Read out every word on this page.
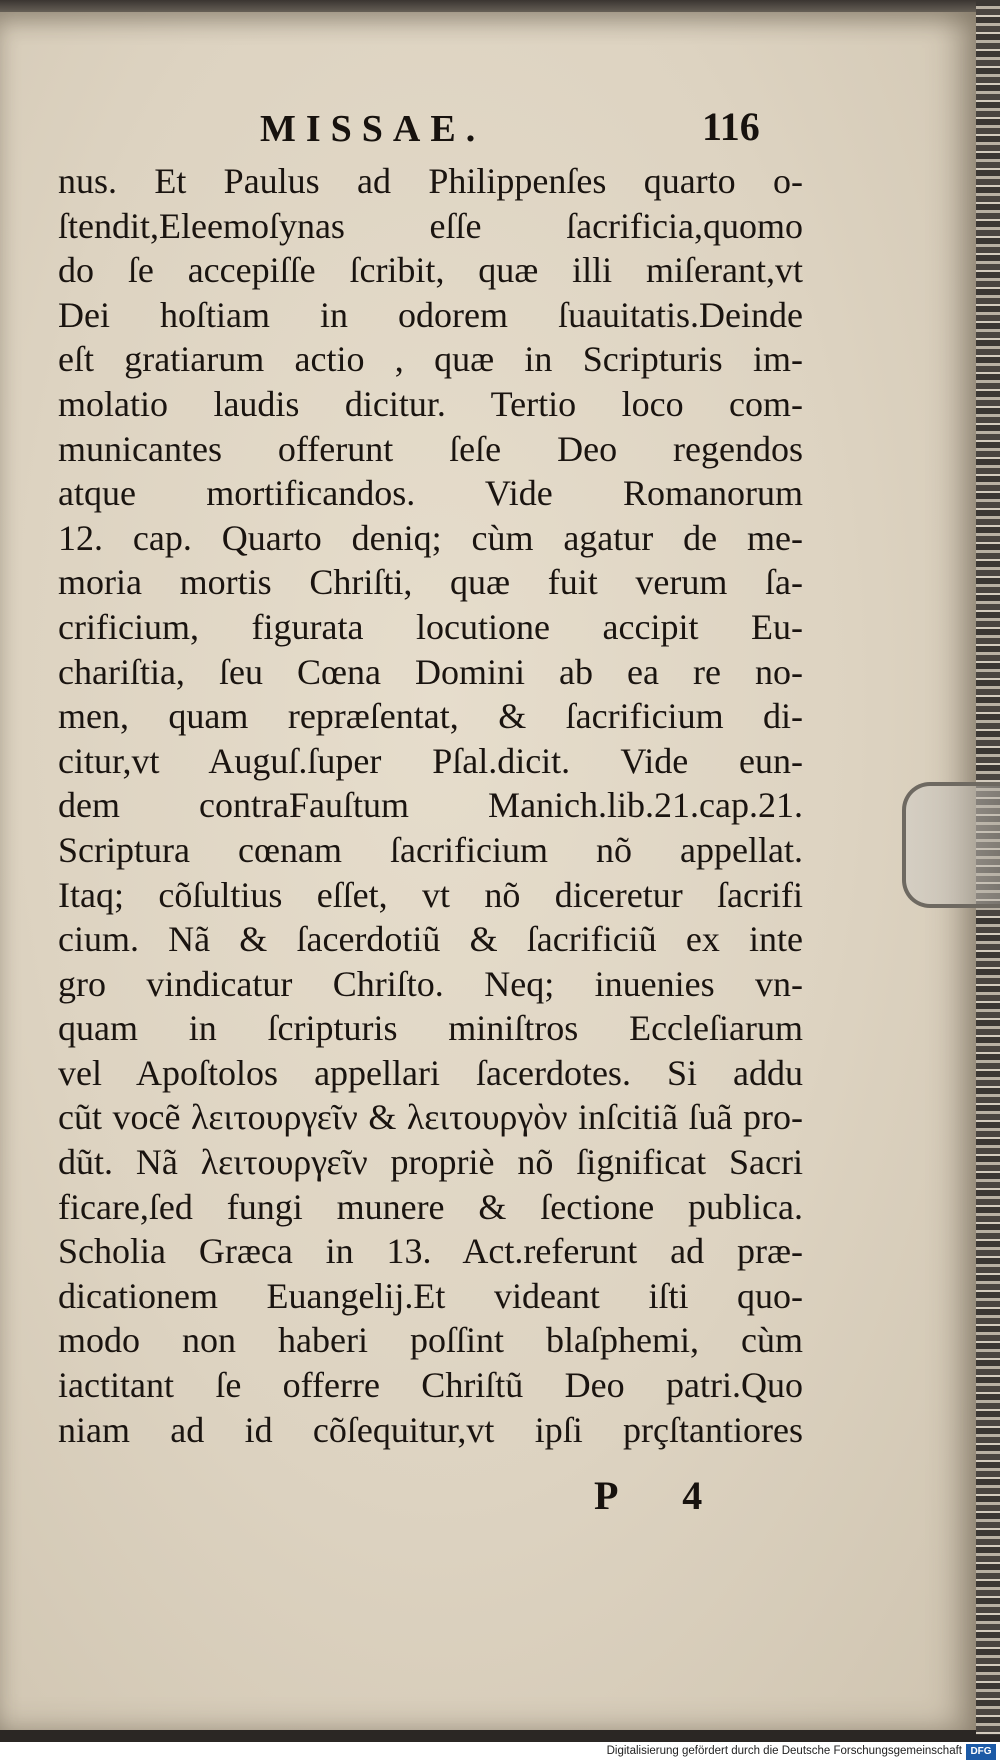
MISSAE.	116
nus. Et Paulus ad Philippenſes quarto o-
ſtendit,Eleemoſynas eſſe ſacrificia,quomo
do ſe accepiſſe ſcribit, quæ illi miſerant,vt
Dei hoſtiam in odorem ſuauitatis.Deinde
eſt gratiarum actio , quæ in Scripturis im-
molatio laudis dicitur. Tertio loco com-
municantes offerunt ſeſe Deo regendos
atque mortificandos. Vide Romanorum
12. cap. Quarto deniq; cùm agatur de me-
moria mortis Chriſti, quæ fuit verum ſa-
crificium, figurata locutione accipit Eu-
chariſtia, ſeu Cœna Domini ab ea re no-
men, quam repræſentat, & ſacrificium di-
citur,vt Auguſ.ſuper Pſal.dicit. Vide eun-
dem contraFauſtum Manich.lib.21.cap.21.
Scriptura cœnam ſacrificium nõ appellat.
Itaq; cõſultius eſſet, vt nõ diceretur ſacrifi
cium. Nã & ſacerdotiũ & ſacrificiũ ex inte
gro vindicatur Chriſto. Neq; inuenies vn-
quam in ſcripturis miniſtros Eccleſiarum
vel Apoſtolos appellari ſacerdotes. Si addu
cũt vocẽ λειτουργεῖν & λειτουργὸν inſcitiã ſuã pro-
dũt. Nã λειτουργεῖν propriè nõ ſignificat Sacri
ficare,ſed fungi munere & ſectione publica.
Scholia Græca in 13. Act.referunt ad præ-
dicationem Euangelij.Et videant iſti quo-
modo non haberi poſſint blaſphemi, cùm
iactitant ſe offerre Chriſtũ Deo patri.Quo
niam ad id cõſequitur,vt ipſi prçſtantiores
P 4
Digitalisierung gefördert durch die Deutsche Forschungsgemeinschaft DFG
